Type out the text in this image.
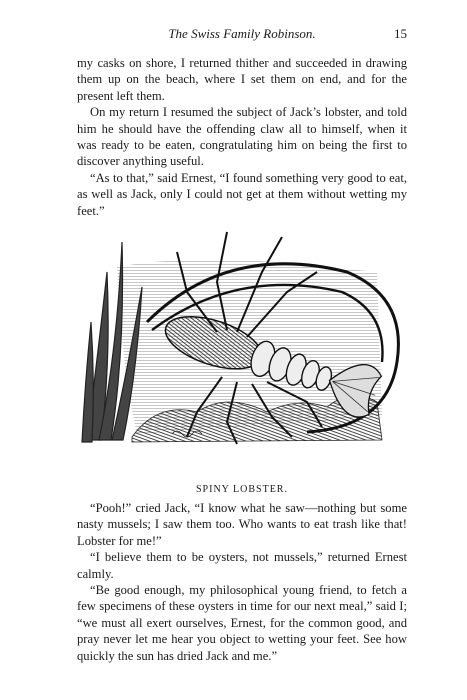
The Swiss Family Robinson.	15

my casks on shore, I returned thither and succeeded in drawing them up on the beach, where I set them on end, and for the present left them.

On my return I resumed the subject of Jack’s lobster, and told him he should have the offending claw all to himself, when it was ready to be eaten, congratulating him on being the first to discover anything useful.

“As to that,” said Ernest, “I found something very good to eat, as well as Jack, only I could not get at them without wetting my feet.”

SPINY LOBSTER.

“Pooh!” cried Jack, “I know what he saw—nothing but some nasty mussels; I saw them too. Who wants to eat trash like that! Lobster for me!”

“I believe them to be oysters, not mussels,” returned Ernest calmly.

“Be good enough, my philosophical young friend, to fetch a few specimens of these oysters in time for our next meal,” said I; “we must all exert ourselves, Ernest, for the common good, and pray never let me hear you object to wetting your feet. See how quickly the sun has dried Jack and me.”
